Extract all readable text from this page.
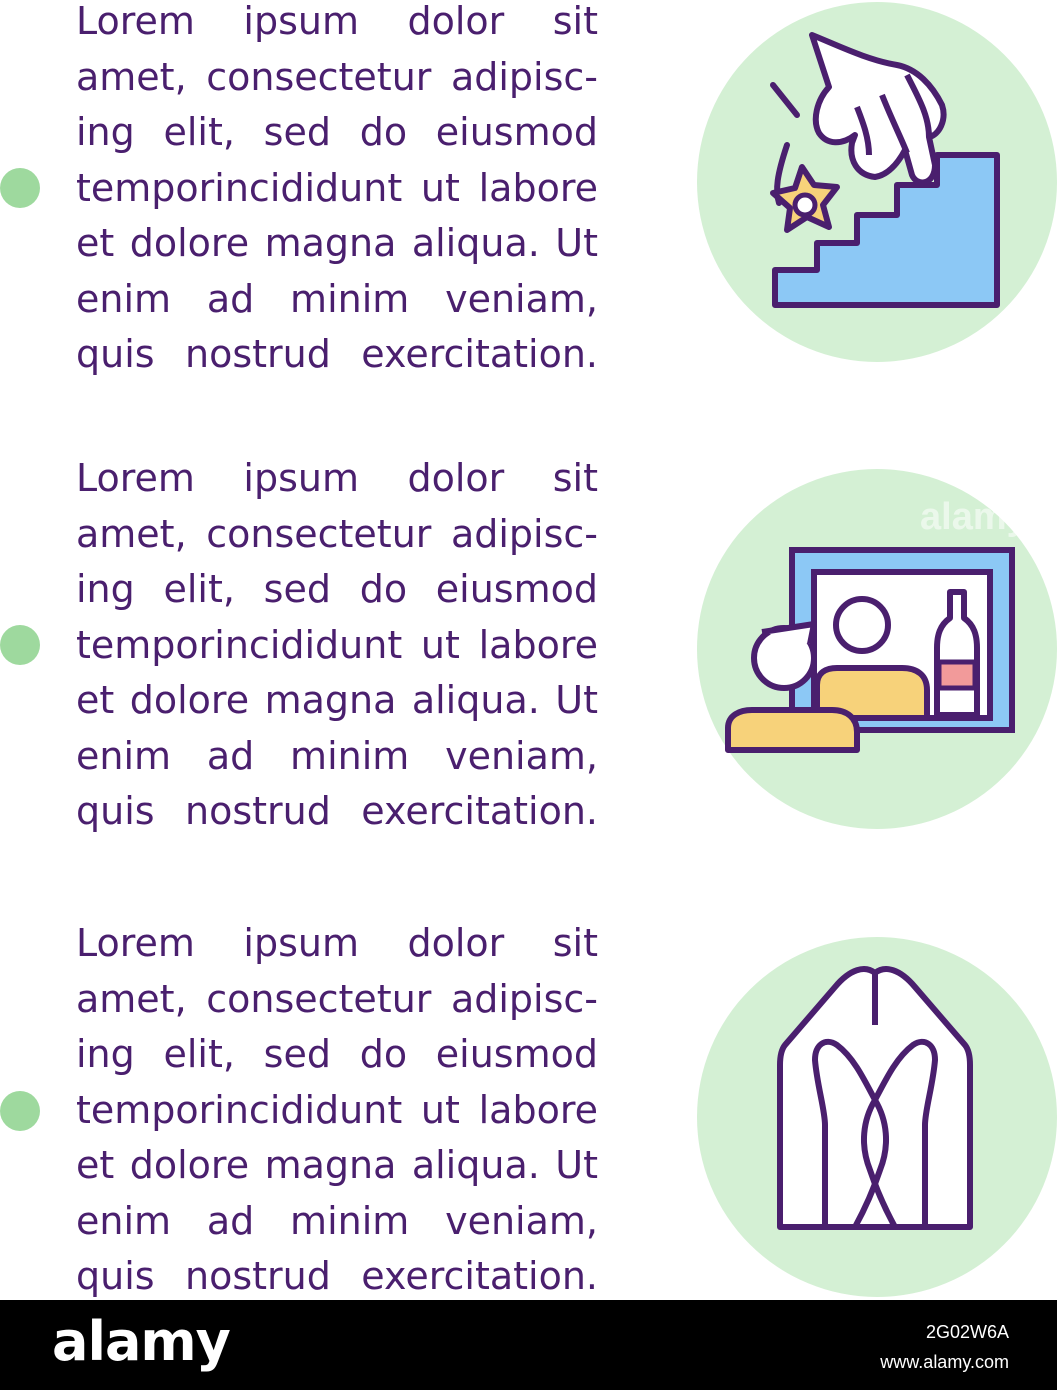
Lorem ipsum dolor sit
amet, consectetur adipisc-
ing elit, sed do eiusmod
temporincididunt ut labore
et dolore magna aliqua. Ut
enim ad minim veniam,
quis nostrud exercitation.
Lorem ipsum dolor sit
amet, consectetur adipisc-
ing elit, sed do eiusmod
temporincididunt ut labore
et dolore magna aliqua. Ut
enim ad minim veniam,
quis nostrud exercitation.
Lorem ipsum dolor sit
amet, consectetur adipisc-
ing elit, sed do eiusmod
temporincididunt ut labore
et dolore magna aliqua. Ut
enim ad minim veniam,
quis nostrud exercitation.
alamy
alamy	2G02W6A
www.alamy.com
